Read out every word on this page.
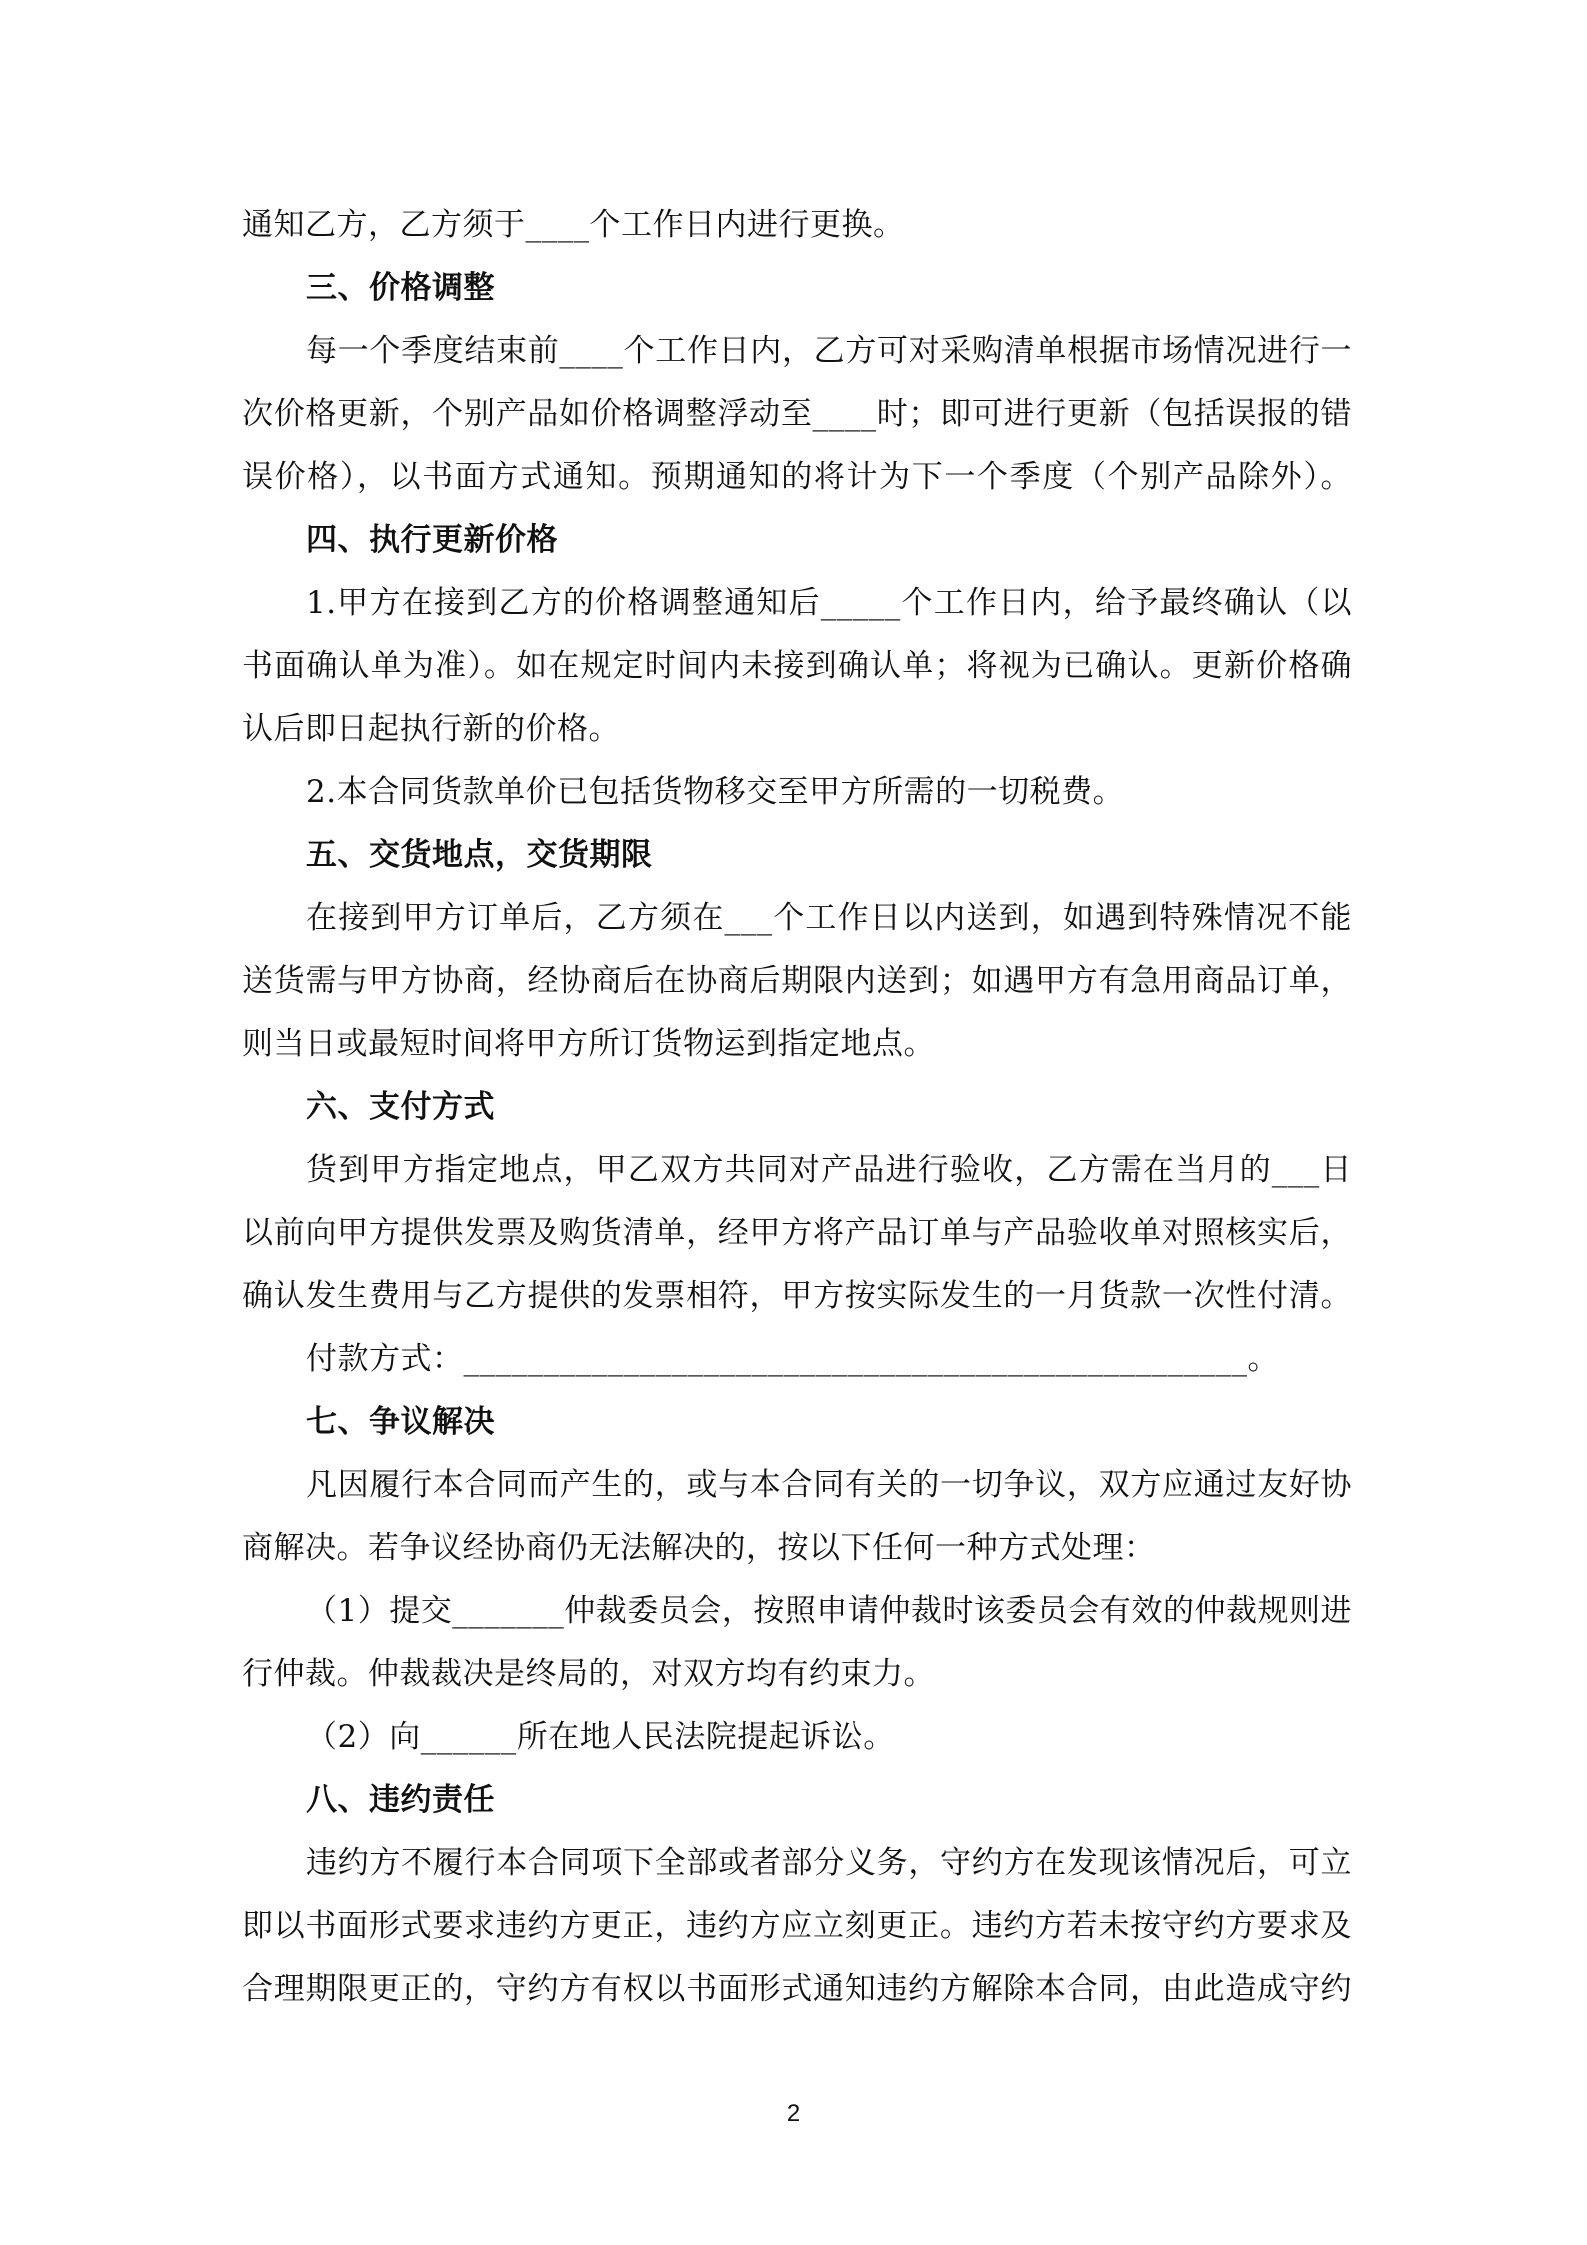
通知乙方，乙方须于____个工作日内进行更换。
三、价格调整
每一个季度结束前____个工作日内，乙方可对采购清单根据市场情况进行一
次价格更新，个别产品如价格调整浮动至____时；即可进行更新（包括误报的错
误价格），以书面方式通知。预期通知的将计为下一个季度（个别产品除外）。
四、执行更新价格
1.甲方在接到乙方的价格调整通知后_____个工作日内，给予最终确认（以
书面确认单为准）。如在规定时间内未接到确认单；将视为已确认。更新价格确
认后即日起执行新的价格。
2.本合同货款单价已包括货物移交至甲方所需的一切税费。
五、交货地点，交货期限
在接到甲方订单后，乙方须在___个工作日以内送到，如遇到特殊情况不能
送货需与甲方协商，经协商后在协商后期限内送到；如遇甲方有急用商品订单，
则当日或最短时间将甲方所订货物运到指定地点。
六、支付方式
货到甲方指定地点，甲乙双方共同对产品进行验收，乙方需在当月的___日
以前向甲方提供发票及购货清单，经甲方将产品订单与产品验收单对照核实后，
确认发生费用与乙方提供的发票相符，甲方按实际发生的一月货款一次性付清。
付款方式：_________________________________________________。
七、争议解决
凡因履行本合同而产生的，或与本合同有关的一切争议，双方应通过友好协
商解决。若争议经协商仍无法解决的，按以下任何一种方式处理：
（1）提交_______仲裁委员会，按照申请仲裁时该委员会有效的仲裁规则进
行仲裁。仲裁裁决是终局的，对双方均有约束力。
（2）向______所在地人民法院提起诉讼。
八、违约责任
违约方不履行本合同项下全部或者部分义务，守约方在发现该情况后，可立
即以书面形式要求违约方更正，违约方应立刻更正。违约方若未按守约方要求及
合理期限更正的，守约方有权以书面形式通知违约方解除本合同，由此造成守约
2
